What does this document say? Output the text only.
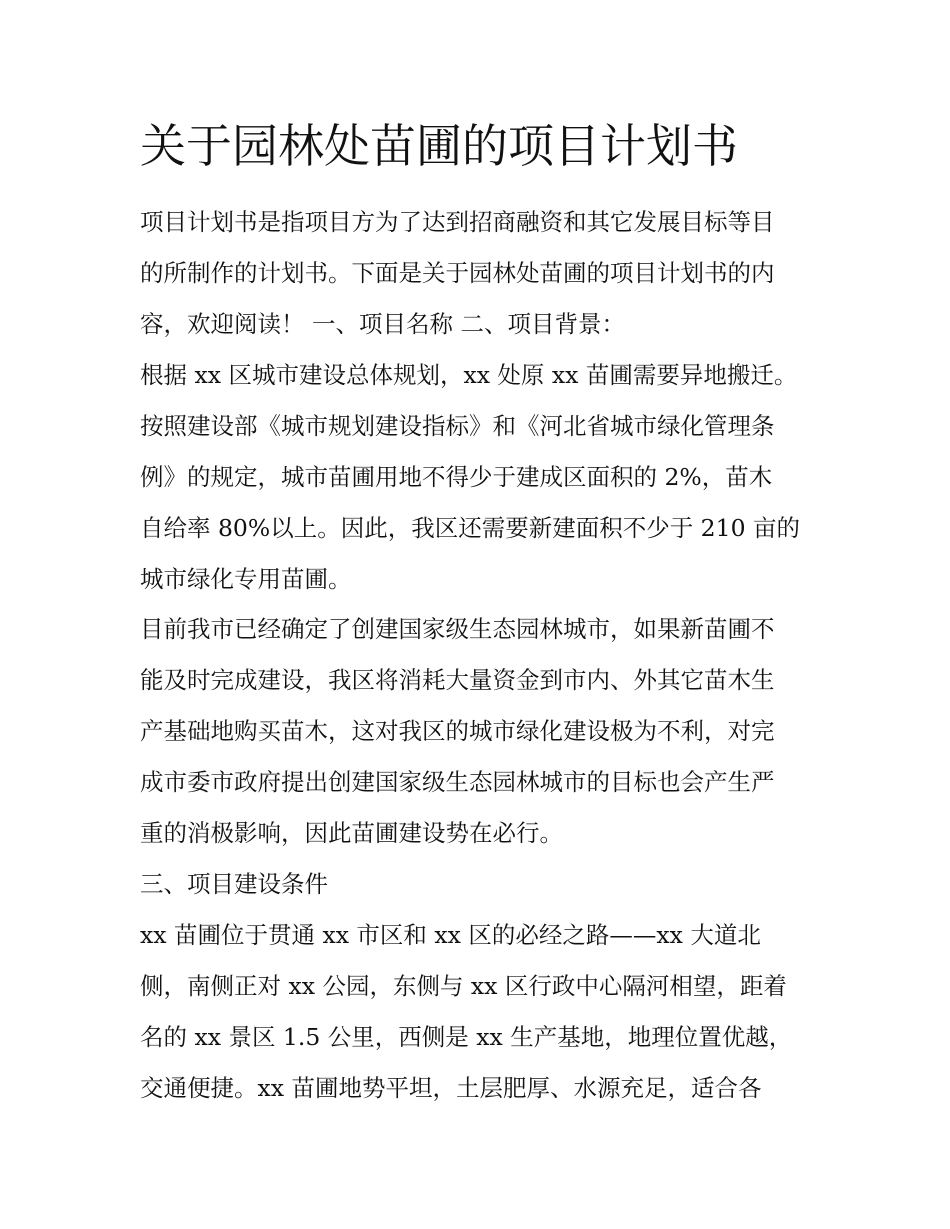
关于园林处苗圃的项目计划书

项目计划书是指项目方为了达到招商融资和其它发展目标等目

的所制作的计划书。下面是关于园林处苗圃的项目计划书的内

容，欢迎阅读！ 一、项目名称 二、项目背景：

根据 xx 区城市建设总体规划，xx 处原 xx 苗圃需要异地搬迁。

按照建设部《城市规划建设指标》和《河北省城市绿化管理条

例》的规定，城市苗圃用地不得少于建成区面积的 2%，苗木

自给率 80%以上。因此，我区还需要新建面积不少于 210 亩的

城市绿化专用苗圃。

目前我市已经确定了创建国家级生态园林城市，如果新苗圃不

能及时完成建设，我区将消耗大量资金到市内、外其它苗木生

产基础地购买苗木，这对我区的城市绿化建设极为不利，对完

成市委市政府提出创建国家级生态园林城市的目标也会产生严

重的消极影响，因此苗圃建设势在必行。

三、项目建设条件

xx 苗圃位于贯通 xx 市区和 xx 区的必经之路——xx 大道北

侧，南侧正对 xx 公园，东侧与 xx 区行政中心隔河相望，距着

名的 xx 景区 1.5 公里，西侧是 xx 生产基地，地理位置优越，

交通便捷。xx 苗圃地势平坦，土层肥厚、水源充足，适合各
